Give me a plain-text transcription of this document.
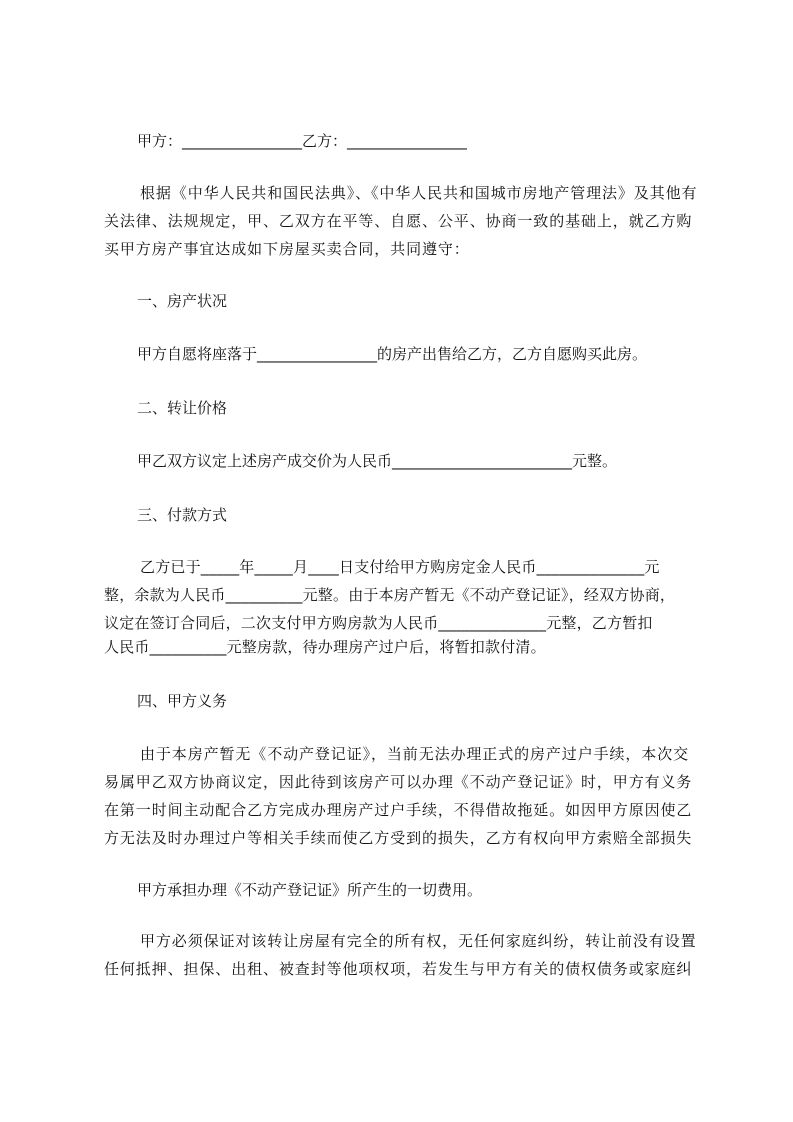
甲方：________________乙方：________________
根据《中华人民共和国民法典》、《中华人民共和国城市房地产管理法》及其他有
关法律、法规规定，甲、乙双方在平等、自愿、公平、协商一致的基础上，就乙方购
买甲方房产事宜达成如下房屋买卖合同，共同遵守：
一、房产状况
甲方自愿将座落于________________的房产出售给乙方，乙方自愿购买此房。
二、转让价格
甲乙双方议定上述房产成交价为人民币________________________元整。
三、付款方式
乙方已于_____年_____月____日支付给甲方购房定金人民币______________元
整，余款为人民币__________元整。由于本房产暂无《不动产登记证》，经双方协商，
议定在签订合同后，二次支付甲方购房款为人民币______________元整，乙方暂扣
人民币__________元整房款，待办理房产过户后，将暂扣款付清。
四、甲方义务
由于本房产暂无《不动产登记证》，当前无法办理正式的房产过户手续，本次交
易属甲乙双方协商议定，因此待到该房产可以办理《不动产登记证》时，甲方有义务
在第一时间主动配合乙方完成办理房产过户手续，不得借故拖延。如因甲方原因使乙
方无法及时办理过户等相关手续而使乙方受到的损失，乙方有权向甲方索赔全部损失
甲方承担办理《不动产登记证》所产生的一切费用。
甲方必须保证对该转让房屋有完全的所有权，无任何家庭纠纷，转让前没有设置
任何抵押、担保、出租、被查封等他项权项，若发生与甲方有关的债权债务或家庭纠
